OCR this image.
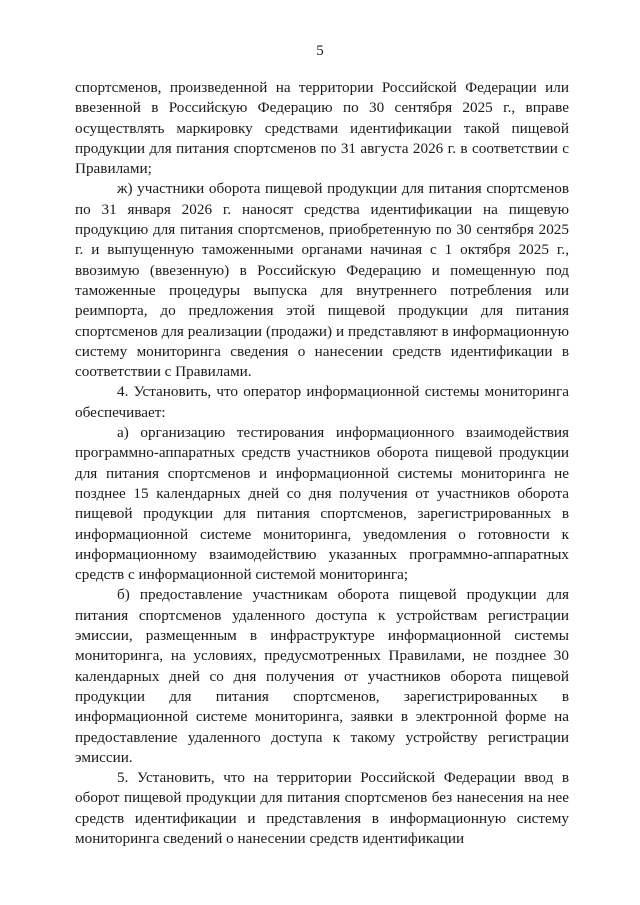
5

спортсменов, произведенной на территории Российской Федерации или ввезенной в Российскую Федерацию по 30 сентября 2025 г., вправе осуществлять маркировку средствами идентификации такой пищевой продукции для питания спортсменов по 31 августа 2026 г. в соответствии с Правилами;

ж) участники оборота пищевой продукции для питания спортсменов по 31 января 2026 г. наносят средства идентификации на пищевую продукцию для питания спортсменов, приобретенную по 30 сентября 2025 г. и выпущенную таможенными органами начиная с 1 октября 2025 г., ввозимую (ввезенную) в Российскую Федерацию и помещенную под таможенные процедуры выпуска для внутреннего потребления или реимпорта, до предложения этой пищевой продукции для питания спортсменов для реализации (продажи) и представляют в информационную систему мониторинга сведения о нанесении средств идентификации в соответствии с Правилами.

4. Установить, что оператор информационной системы мониторинга обеспечивает:

а) организацию тестирования информационного взаимодействия программно-аппаратных средств участников оборота пищевой продукции для питания спортсменов и информационной системы мониторинга не позднее 15 календарных дней со дня получения от участников оборота пищевой продукции для питания спортсменов, зарегистрированных в информационной системе мониторинга, уведомления о готовности к информационному взаимодействию указанных программно-аппаратных средств с информационной системой мониторинга;

б) предоставление участникам оборота пищевой продукции для питания спортсменов удаленного доступа к устройствам регистрации эмиссии, размещенным в инфраструктуре информационной системы мониторинга, на условиях, предусмотренных Правилами, не позднее 30 календарных дней со дня получения от участников оборота пищевой продукции для питания спортсменов, зарегистрированных в информационной системе мониторинга, заявки в электронной форме на предоставление удаленного доступа к такому устройству регистрации эмиссии.

5. Установить, что на территории Российской Федерации ввод в оборот пищевой продукции для питания спортсменов без нанесения на нее средств идентификации и представления в информационную систему мониторинга сведений о нанесении средств идентификации
